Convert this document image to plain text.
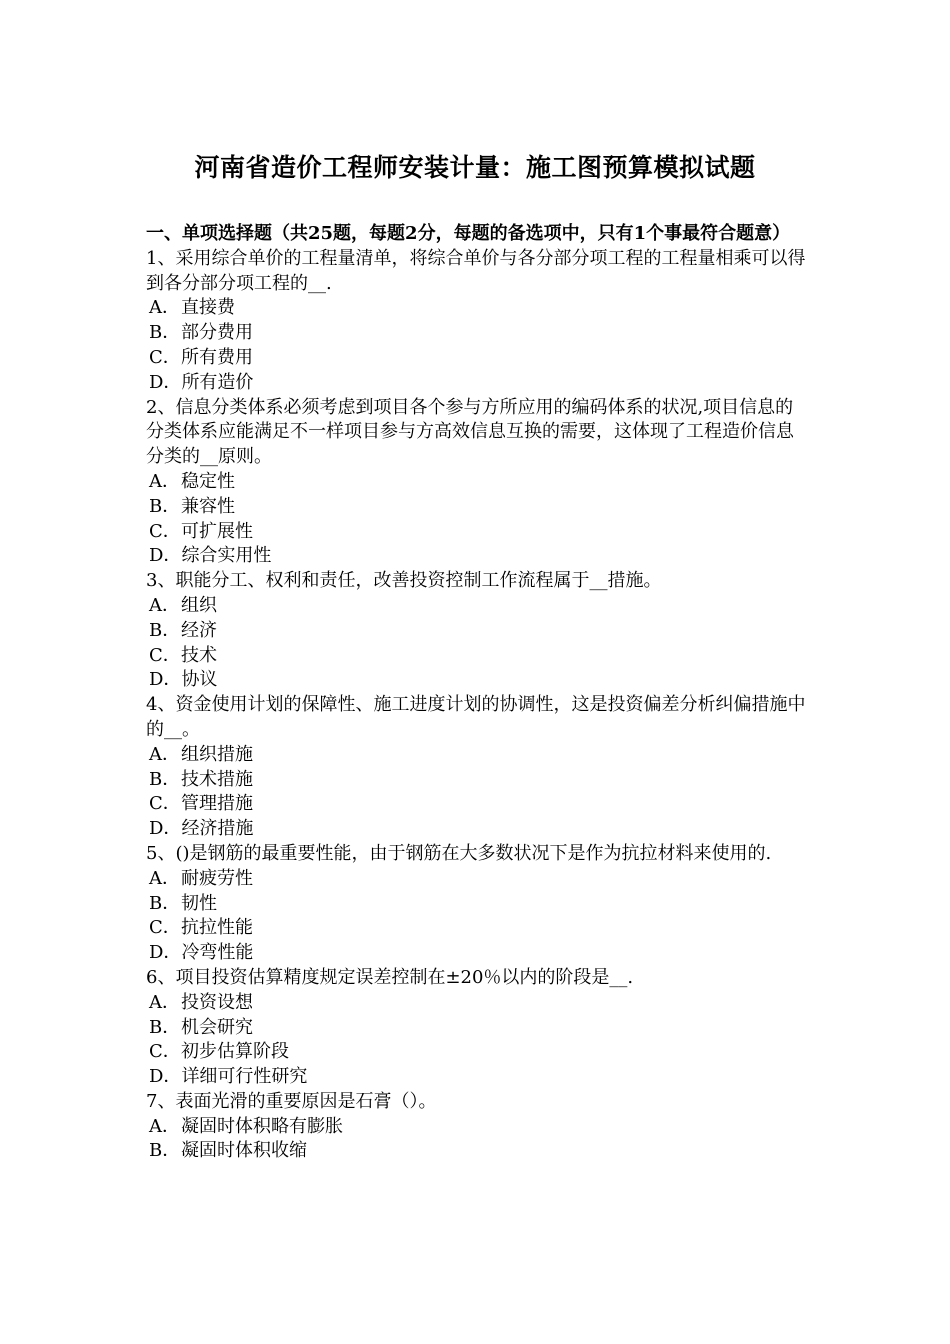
河南省造价工程师安装计量：施工图预算模拟试题

一、单项选择题（共25题，每题2分，每题的备选项中，只有1个事最符合题意）

1、采用综合单价的工程量清单，将综合单价与各分部分项工程的工程量相乘可以得到各分部分项工程的__.

A．直接费

B．部分费用

C．所有费用

D．所有造价

2、信息分类体系必须考虑到项目各个参与方所应用的编码体系的状况,项目信息的分类体系应能满足不一样项目参与方高效信息互换的需要，这体现了工程造价信息分类的__原则。

A．稳定性

B．兼容性

C．可扩展性

D．综合实用性

3、职能分工、权利和责任，改善投资控制工作流程属于__措施。

A．组织

B．经济

C．技术

D．协议

4、资金使用计划的保障性、施工进度计划的协调性，这是投资偏差分析纠偏措施中的__。

A．组织措施

B．技术措施

C．管理措施

D．经济措施

5、()是钢筋的最重要性能，由于钢筋在大多数状况下是作为抗拉材料来使用的.

A．耐疲劳性

B．韧性

C．抗拉性能

D．冷弯性能

6、项目投资估算精度规定误差控制在±20％以内的阶段是__.

A．投资设想

B．机会研究

C．初步估算阶段

D．详细可行性研究

7、表面光滑的重要原因是石膏（）。

A．凝固时体积略有膨胀

B．凝固时体积收缩
